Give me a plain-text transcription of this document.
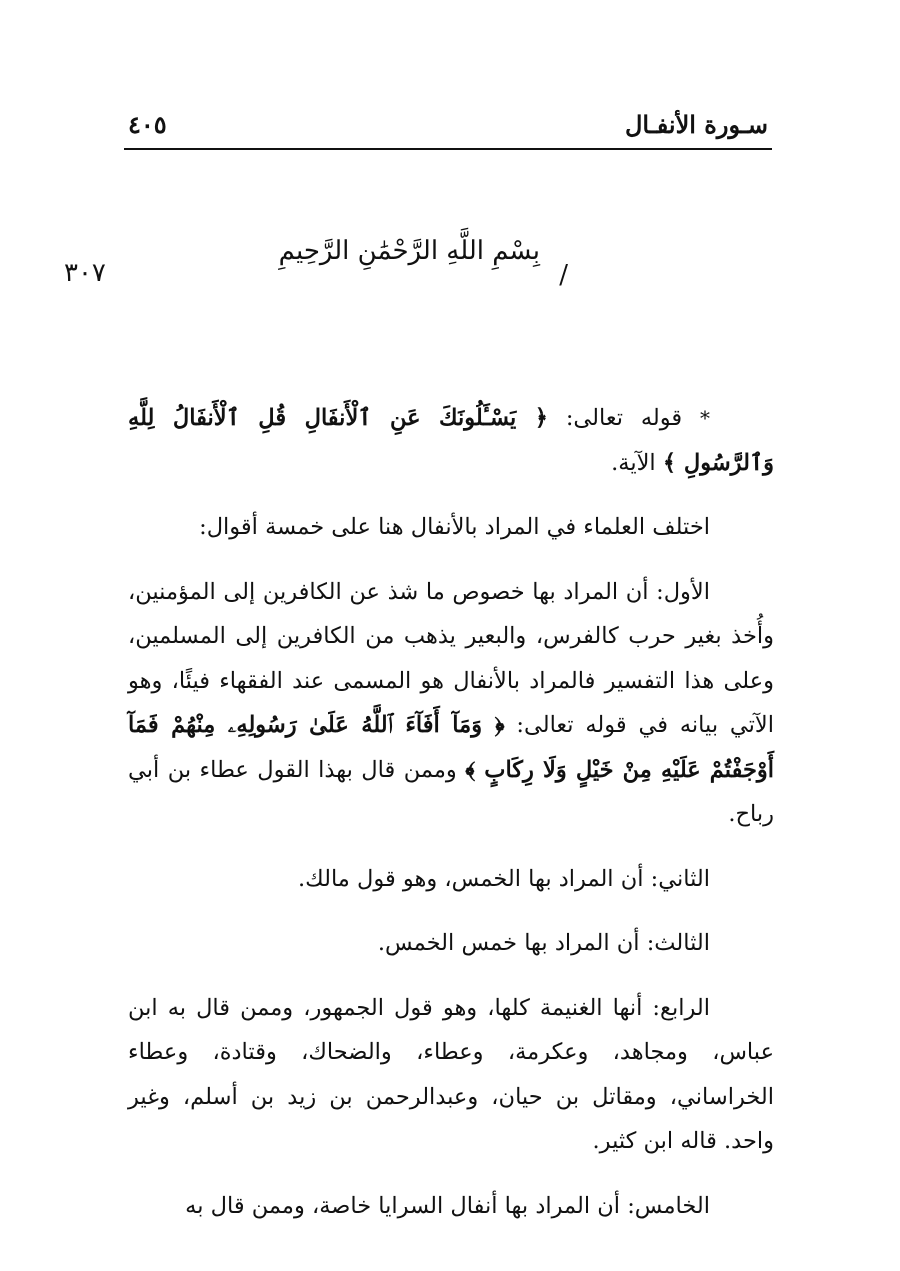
سـورة الأنفـال
٤٠٥
٣٠٧
بِسْمِ اللَّهِ الرَّحْمَٰنِ الرَّحِيمِ
/

* قوله تعالى: ﴿ يَسْـَٔلُونَكَ عَنِ ٱلْأَنفَالِ قُلِ ٱلْأَنفَالُ لِلَّهِ وَٱلرَّسُولِ ﴾ الآية.

اختلف العلماء في المراد بالأنفال هنا على خمسة أقوال:

الأول: أن المراد بها خصوص ما شذ عن الكافرين إلى المؤمنين، وأُخذ بغير حرب كالفرس، والبعير يذهب من الكافرين إلى المسلمين، وعلى هذا التفسير فالمراد بالأنفال هو المسمى عند الفقهاء فيئًا، وهو الآتي بيانه في قوله تعالى: ﴿ وَمَآ أَفَآءَ ٱللَّهُ عَلَىٰ رَسُولِهِۦ مِنْهُمْ فَمَآ أَوْجَفْتُمْ عَلَيْهِ مِنْ خَيْلٍ وَلَا رِكَابٍ ﴾ وممن قال بهذا القول عطاء بن أبي رباح.

الثاني: أن المراد بها الخمس، وهو قول مالك.

الثالث: أن المراد بها خمس الخمس.

الرابع: أنها الغنيمة كلها، وهو قول الجمهور، وممن قال به ابن عباس، ومجاهد، وعكرمة، وعطاء، والضحاك، وقتادة، وعطاء الخراساني، ومقاتل بن حيان، وعبدالرحمن بن زيد بن أسلم، وغير واحد. قاله ابن كثير.

الخامس: أن المراد بها أنفال السرايا خاصة، وممن قال به
